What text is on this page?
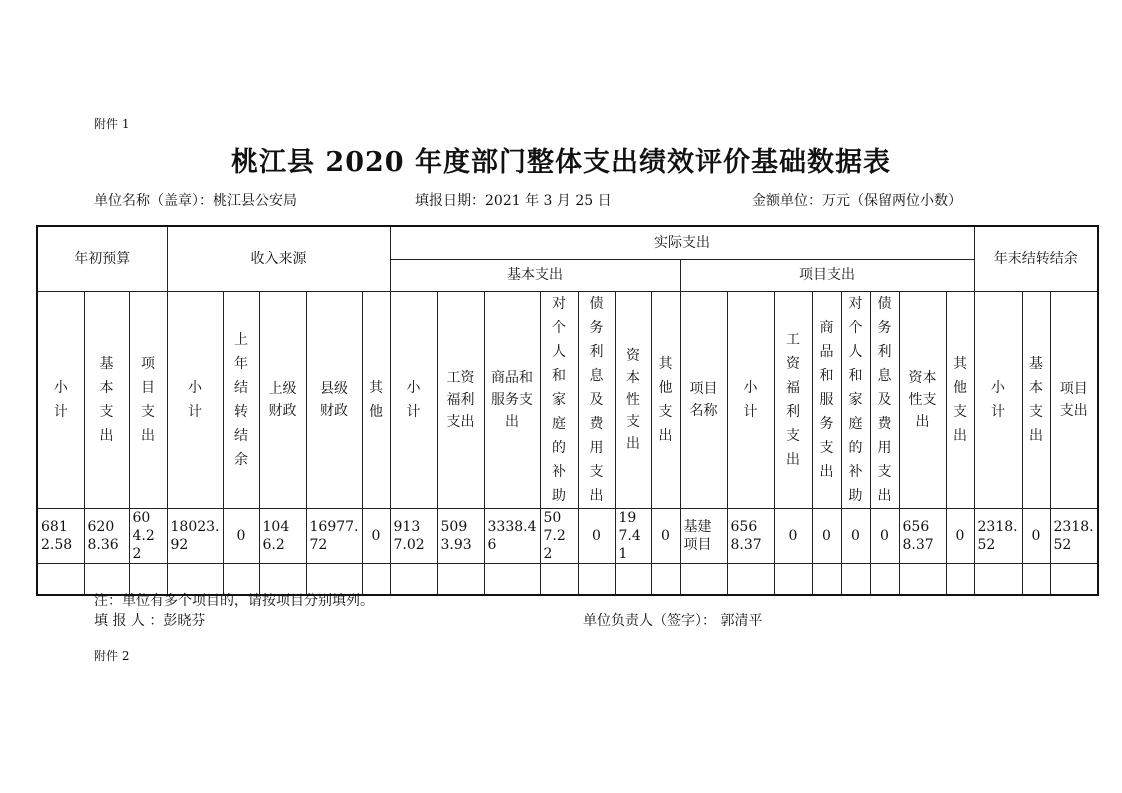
附件 1
桃江县 2020 年度部门整体支出绩效评价基础数据表
单位名称（盖章）：桃江县公安局	填报日期：2021 年 3 月 25 日	金额单位：万元（保留两位小数）
年初预算			收入来源					实际支出															年末结转结余		
								基本支出							项目支出										
小计	基本支出	项目支出	小计	上年结转结余	上级财政	县级财政	其他	小计	工资福利支出	商品和服务支出	对个人和家庭的补助	债务利息及费用支出	资本性支出	其他支出	项目名称	小计	工资福利支出	商品和服务支出	对个人和家庭的补助	债务利息及费用支出	资本性支出	其他支出	小计	基本支出	项目支出
6812.58	6208.36	604.22	18023.92	0	1046.2	16977.72	0	9137.02	5093.93	3338.46	507.22	0	197.41	0	基建项目	6568.37	0	0	0	0	6568.37	0	2318.52	0	2318.52

注：单位有多个项目的，请按项目分别填列。
填 报 人 ：彭晓芬	单位负责人（签字）： 郭清平
附件 2
